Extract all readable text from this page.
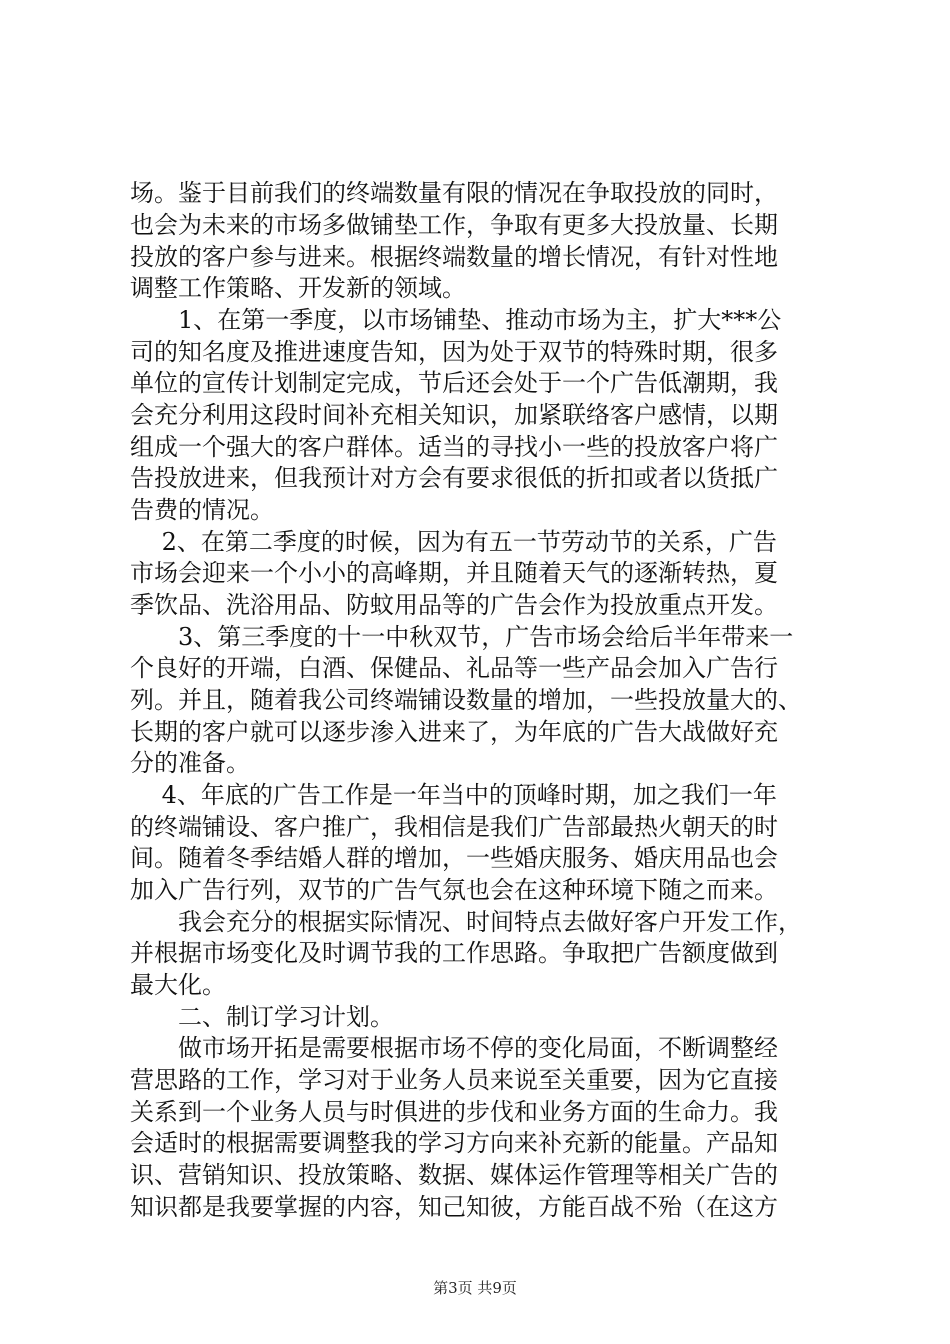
场。鉴于目前我们的终端数量有限的情况在争取投放的同时，
也会为未来的市场多做铺垫工作，争取有更多大投放量、长期
投放的客户参与进来。根据终端数量的增长情况，有针对性地
调整工作策略、开发新的领域。
　　1、在第一季度，以市场铺垫、推动市场为主，扩大***公
司的知名度及推进速度告知，因为处于双节的特殊时期，很多
单位的宣传计划制定完成，节后还会处于一个广告低潮期，我
会充分利用这段时间补充相关知识，加紧联络客户感情，以期
组成一个强大的客户群体。适当的寻找小一些的投放客户将广
告投放进来，但我预计对方会有要求很低的折扣或者以货抵广
告费的情况。
　 2、在第二季度的时候，因为有五一节劳动节的关系，广告
市场会迎来一个小小的高峰期，并且随着天气的逐渐转热，夏
季饮品、洗浴用品、防蚊用品等的广告会作为投放重点开发。
　　3、第三季度的十一中秋双节，广告市场会给后半年带来一
个良好的开端，白酒、保健品、礼品等一些产品会加入广告行
列。并且，随着我公司终端铺设数量的增加，一些投放量大的、
长期的客户就可以逐步渗入进来了，为年底的广告大战做好充
分的准备。
　 4、年底的广告工作是一年当中的顶峰时期，加之我们一年
的终端铺设、客户推广，我相信是我们广告部最热火朝天的时
间。随着冬季结婚人群的增加，一些婚庆服务、婚庆用品也会
加入广告行列，双节的广告气氛也会在这种环境下随之而来。
　　我会充分的根据实际情况、时间特点去做好客户开发工作，
并根据市场变化及时调节我的工作思路。争取把广告额度做到
最大化。
　　二、制订学习计划。
　　做市场开拓是需要根据市场不停的变化局面，不断调整经
营思路的工作，学习对于业务人员来说至关重要，因为它直接
关系到一个业务人员与时俱进的步伐和业务方面的生命力。我
会适时的根据需要调整我的学习方向来补充新的能量。产品知
识、营销知识、投放策略、数据、媒体运作管理等相关广告的
知识都是我要掌握的内容，知己知彼，方能百战不殆（在这方
第3页 共9页
